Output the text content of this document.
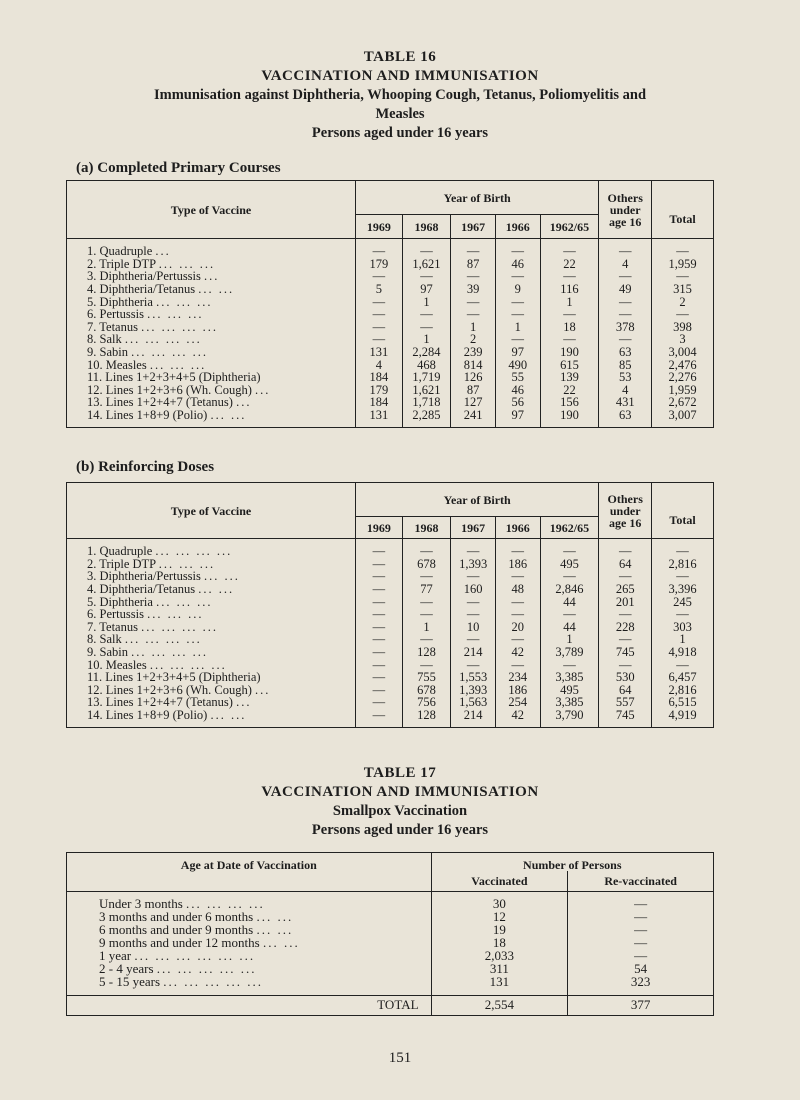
TABLE 16
VACCINATION AND IMMUNISATION
Immunisation against Diphtheria, Whooping Cough, Tetanus, Poliomyelitis and
Measles
Persons aged under 16 years
(a) Completed Primary Courses
Type of Vaccine	Year of Birth					Others under age 16	Total
	1969	1968	1967	1966	1962/65		

1. Quadruple ...	—	—	—	—	—	—	—
2. Triple DTP ... ... ...	179	1,621	87	46	22	4	1,959
3. Diphtheria/Pertussis ...	—	—	—	—	—	—	—
4. Diphtheria/Tetanus ... ...	5	97	39	9	116	49	315
5. Diphtheria ... ... ...	—	1	—	—	1	—	2
6. Pertussis ... ... ...	—	—	—	—	—	—	—
7. Tetanus ... ... ... ...	—	—	1	1	18	378	398
8. Salk ... ... ... ...	—	1	2	—	—	—	3
9. Sabin ... ... ... ...	131	2,284	239	97	190	63	3,004
10. Measles ... ... ...	4	468	814	490	615	85	2,476
11. Lines 1+2+3+4+5 (Diphtheria)	184	1,719	126	55	139	53	2,276
12. Lines 1+2+3+6 (Wh. Cough) ...	179	1,621	87	46	22	4	1,959
13. Lines 1+2+4+7 (Tetanus) ...	184	1,718	127	56	156	431	2,672
14. Lines 1+8+9 (Polio) ... ...	131	2,285	241	97	190	63	3,007

(b) Reinforcing Doses
Type of Vaccine	Year of Birth					Others under age 16	Total
	1969	1968	1967	1966	1962/65		

1. Quadruple ... ... ... ...	—	—	—	—	—	—	—
2. Triple DTP ... ... ...	—	678	1,393	186	495	64	2,816
3. Diphtheria/Pertussis ... ...	—	—	—	—	—	—	—
4. Diphtheria/Tetanus ... ...	—	77	160	48	2,846	265	3,396
5. Diphtheria ... ... ...	—	—	—	—	44	201	245
6. Pertussis ... ... ...	—	—	—	—	—	—	—
7. Tetanus ... ... ... ...	—	1	10	20	44	228	303
8. Salk ... ... ... ...	—	—	—	—	1	—	1
9. Sabin ... ... ... ...	—	128	214	42	3,789	745	4,918
10. Measles ... ... ... ...	—	—	—	—	—	—	—
11. Lines 1+2+3+4+5 (Diphtheria)	—	755	1,553	234	3,385	530	6,457
12. Lines 1+2+3+6 (Wh. Cough) ...	—	678	1,393	186	495	64	2,816
13. Lines 1+2+4+7 (Tetanus) ...	—	756	1,563	254	3,385	557	6,515
14. Lines 1+8+9 (Polio) ... ...	—	128	214	42	3,790	745	4,919

TABLE 17
VACCINATION AND IMMUNISATION
Smallpox Vaccination
Persons aged under 16 years
Age at Date of Vaccination	Number of Persons	
	Vaccinated	Re-vaccinated

Under 3 months ... ... ... ...	30	—
3 months and under 6 months ... ...	12	—
6 months and under 9 months ... ...	19	—
9 months and under 12 months ... ...	18	—
1 year ... ... ... ... ... ...	2,033	—
2 - 4 years ... ... ... ... ...	311	54
5 - 15 years ... ... ... ... ...	131	323

TOTAL	2,554	377
151
